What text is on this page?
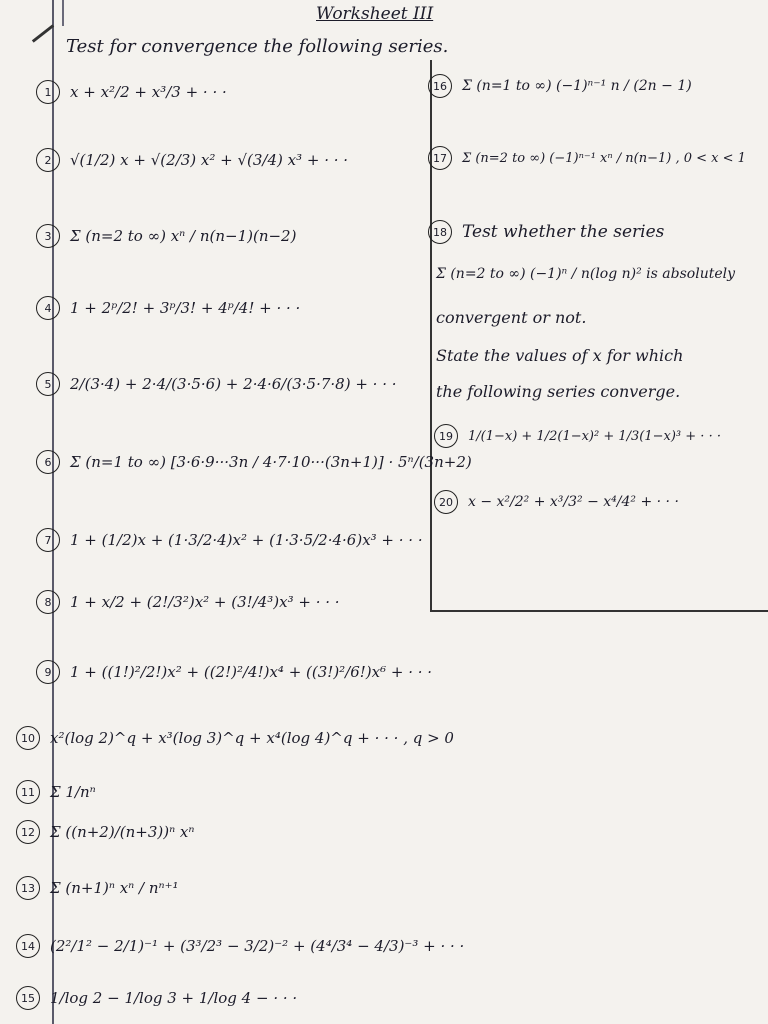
Worksheet III
Test for convergence the following series.
1	x + x²/2 + x³/3 + · · ·
2	√(1/2) x + √(2/3) x² + √(3/4) x³ + · · ·
3	Σ (n=2 to ∞) xⁿ / n(n−1)(n−2)
4	1 + 2ᵖ/2! + 3ᵖ/3! + 4ᵖ/4! + · · ·
5	2/(3·4) + 2·4/(3·5·6) + 2·4·6/(3·5·7·8) + · · ·
6	Σ (n=1 to ∞) [3·6·9···3n / 4·7·10···(3n+1)] · 5ⁿ/(3n+2)
7	1 + (1/2)x + (1·3/2·4)x² + (1·3·5/2·4·6)x³ + · · ·
8	1 + x/2 + (2!/3²)x² + (3!/4³)x³ + · · ·
9	1 + ((1!)²/2!)x² + ((2!)²/4!)x⁴ + ((3!)²/6!)x⁶ + · · ·
10	x²(log 2)^q + x³(log 3)^q + x⁴(log 4)^q + · · · , q > 0
11	Σ 1/nⁿ
12	Σ ((n+2)/(n+3))ⁿ xⁿ
13	Σ (n+1)ⁿ xⁿ / nⁿ⁺¹
14	(2²/1² − 2/1)⁻¹ + (3³/2³ − 3/2)⁻² + (4⁴/3⁴ − 4/3)⁻³ + · · ·
15	1/log 2 − 1/log 3 + 1/log 4 − · · ·
16	Σ (n=1 to ∞) (−1)ⁿ⁻¹ n / (2n − 1)
17	Σ (n=2 to ∞) (−1)ⁿ⁻¹ xⁿ / n(n−1) , 0 < x < 1
18 Test whether the series
Σ (n=2 to ∞) (−1)ⁿ / n(log n)² is absolutely
convergent or not.
State the values of x for which
the following series converge.
19	1/(1−x) + 1/2(1−x)² + 1/3(1−x)³ + · · ·
20	x − x²/2² + x³/3² − x⁴/4² + · · ·
